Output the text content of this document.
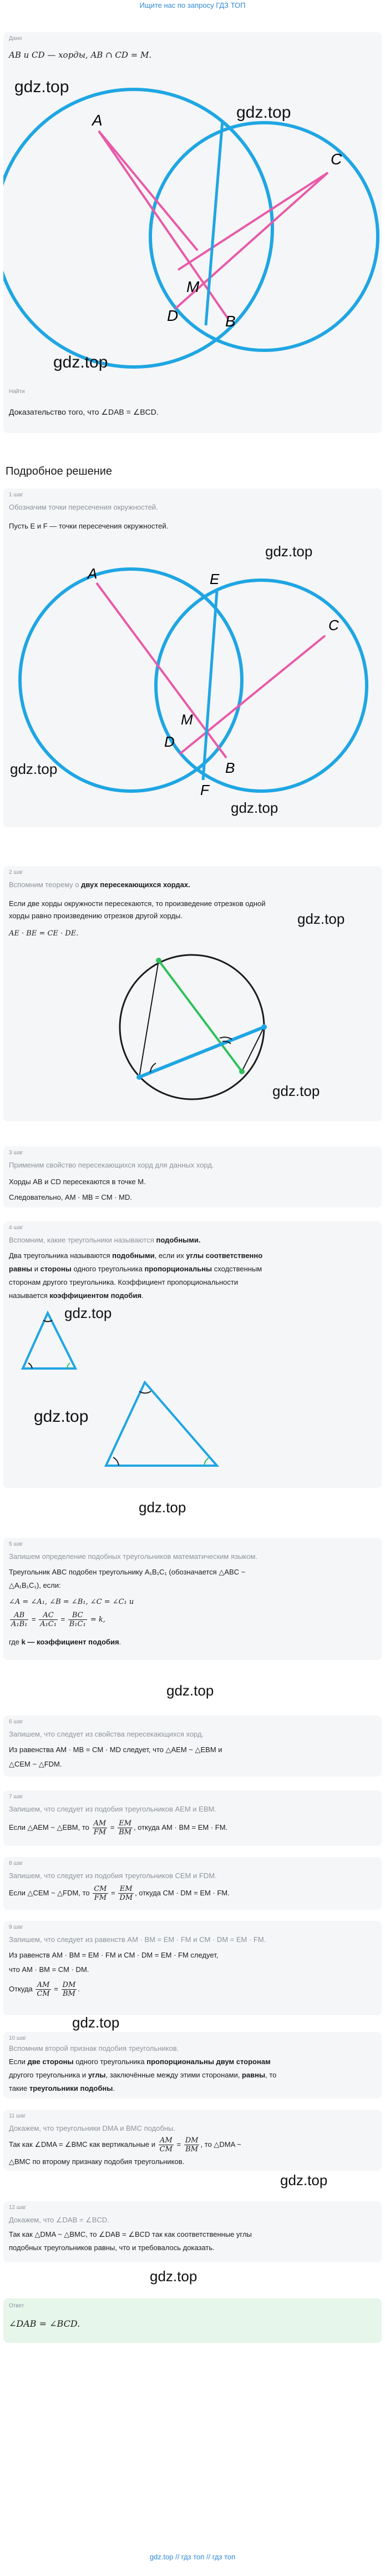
Ищите нас по запросу ГДЗ ТОП
Дано
AB и CD — хорды, AB ∩ CD = M.
A
C
M
D	B
gdz.top
gdz.top
gdz.top
Найти
Доказательство того, что ∠DAB = ∠BCD.
Подробное решение
1 шаг
Обозначим точки пересечения окружностей.
Пусть E и F — точки пересечения окружностей.
A	E
C
M
D
B
F
gdz.top
gdz.top
gdz.top
2 шаг
Вспомним теорему о двух пересекающихся хордах.
Если две хорды окружности пересекаются, то произведение отрезков одной
хорды равно произведению отрезков другой хорды.
AE · BE = CE · DE.
gdz.top
gdz.top
3 шаг
Применим свойство пересекающихся хорд для данных хорд.
Хорды AB и CD пересекаются в точке M.
Следовательно, AM · MB = CM · MD.
4 шаг
Вспомним, какие треугольники называются подобными.
Два треугольника называются подобными, если их углы соответственно
равны и стороны одного треугольника пропорциональны сходственным
сторонам другого треугольника. Коэффициент пропорциональности
называется коэффициентом подобия.
gdz.top
gdz.top
gdz.top
5 шаг
Запишем определение подобных треугольников математическим языком.
Треугольник ABC подобен треугольнику A₁B₁C₁ (обозначается △ABC ~
△A₁B₁C₁), если:
∠A = ∠A₁, ∠B = ∠B₁, ∠C = ∠C₁ и
$\frac{AB}{\text{A₁B₁}} = \frac{AC}{\text{A₁C₁}} = \frac{BC}{\text{B₁C₁}} = k$,
где k — коэффициент подобия.
gdz.top
6 шаг
Запишем, что следует из свойства пересекающихся хорд.
Из равенства AM · MB = CM · MD следует, что △AEM ~ △EBM и
△CEM ~ △FDM.
7 шаг
Запишем, что следует из подобия треугольников AEM и EBM.
Если △AEM ~ △EBM, то $\frac{AM}{FM} = \frac{EM}{BM}$ , откуда AM · BM = EM · FM.
8 шаг
Запишем, что следует из подобия треугольников CEM и FDM.
Если △CEM ~ △FDM, то $\frac{CM}{FM} = \frac{EM}{DM}$ , откуда CM · DM = EM · FM.
9 шаг
Запишем, что следует из равенств AM · BM = EM · FM и CM · DM = EM · FM.
Из равенств AM · BM = EM · FM и CM · DM = EM · FM следует,
что AM · BM = CM · DM.
Откуда $\frac{AM}{CM} = \frac{DM}{BM}$ .
gdz.top
10 шаг
Вспомним второй признак подобия треугольников.
Если две стороны одного треугольника пропорциональны двум сторонам
другого треугольника и углы, заключённые между этими сторонами, равны, то
такие треугольники подобны.
11 шаг
Докажем, что треугольники DMA и BMC подобны.
Так как ∠DMA = ∠BMC как вертикальные и $\frac{AM}{CM} = \frac{DM}{BM}$ , то △DMA ~
△BMC по второму признаку подобия треугольников.
gdz.top
12 шаг
Докажем, что ∠DAB = ∠BCD.
Так как △DMA ~ △BMC, то ∠DAB = ∠BCD так как соответственные углы
подобных треугольников равны, что и требовалось доказать.
gdz.top
Ответ
∠DAB = ∠BCD.
gdz.top // гдз топ // гдз топ
